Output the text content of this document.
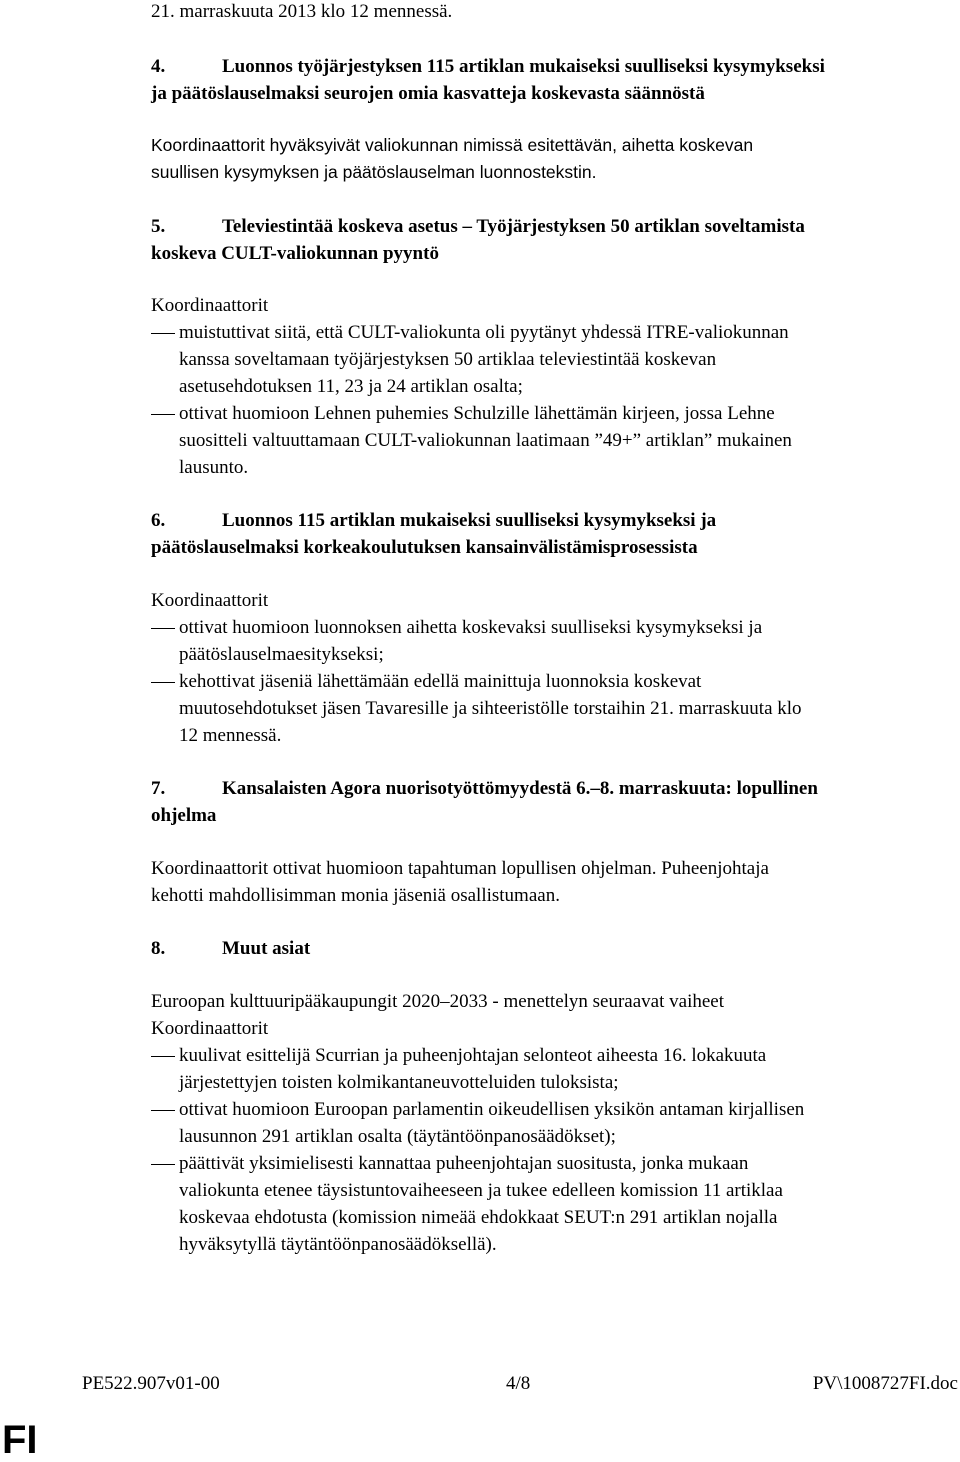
21. marraskuuta 2013 klo 12 mennessä.
4.	Luonnos työjärjestyksen 115 artiklan mukaiseksi suulliseksi kysymykseksi
ja päätöslauselmaksi seurojen omia kasvatteja koskevasta säännöstä
Koordinaattorit hyväksyivät valiokunnan nimissä esitettävän, aihetta koskevan
suullisen kysymyksen ja päätöslauselman luonnostekstin.
5.	Televiestintää koskeva asetus – Työjärjestyksen 50 artiklan soveltamista
koskeva CULT-valiokunnan pyyntö
Koordinaattorit
muistuttivat siitä, että CULT-valiokunta oli pyytänyt yhdessä ITRE-valiokunnan
kanssa soveltamaan työjärjestyksen 50 artiklaa televiestintää koskevan
asetusehdotuksen 11, 23 ja 24 artiklan osalta;
ottivat huomioon Lehnen puhemies Schulzille lähettämän kirjeen, jossa Lehne
suositteli valtuuttamaan CULT-valiokunnan laatimaan ”49+” artiklan” mukainen
lausunto.
6.	Luonnos 115 artiklan mukaiseksi suulliseksi kysymykseksi ja
päätöslauselmaksi korkeakoulutuksen kansainvälistämisprosessista
Koordinaattorit
ottivat huomioon luonnoksen aihetta koskevaksi suulliseksi kysymykseksi ja
päätöslauselmaesitykseksi;
kehottivat jäseniä lähettämään edellä mainittuja luonnoksia koskevat
muutosehdotukset jäsen Tavaresille ja sihteeristölle torstaihin 21. marraskuuta klo
12 mennessä.
7.	Kansalaisten Agora nuorisotyöttömyydestä 6.–8. marraskuuta: lopullinen
ohjelma
Koordinaattorit ottivat huomioon tapahtuman lopullisen ohjelman. Puheenjohtaja
kehotti mahdollisimman monia jäseniä osallistumaan.
8.	Muut asiat
Euroopan kulttuuripääkaupungit 2020–2033 - menettelyn seuraavat vaiheet
Koordinaattorit
kuulivat esittelijä Scurrian ja puheenjohtajan selonteot aiheesta 16. lokakuuta
järjestettyjen toisten kolmikantaneuvotteluiden tuloksista;
ottivat huomioon Euroopan parlamentin oikeudellisen yksikön antaman kirjallisen
lausunnon 291 artiklan osalta (täytäntöönpanosäädökset);
päättivät yksimielisesti kannattaa puheenjohtajan suositusta, jonka mukaan
valiokunta etenee täysistuntovaiheeseen ja tukee edelleen komission 11 artiklaa
koskevaa ehdotusta (komission nimeää ehdokkaat SEUT:n 291 artiklan nojalla
hyväksytyllä täytäntöönpanosäädöksellä).
PE522.907v01-00	4/8	PV\1008727FI.doc
FI
